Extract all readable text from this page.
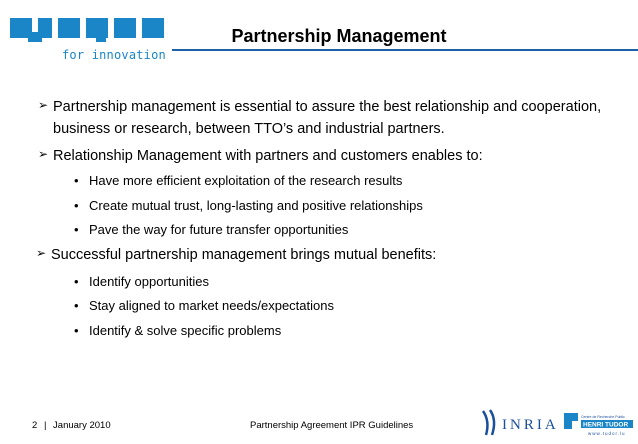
for innovation
Partnership Management

➢ Partnership management is essential to assure the best relationship and cooperation, business or research, between TTO’s and industrial partners.

➢ Relationship Management with partners and customers enables to:

• Have more efficient exploitation of the research results

• Create mutual trust, long-lasting and positive relationships

• Pave the way for future transfer opportunities

➢ Successful partnership management brings mutual benefits:

• Identify opportunities

• Stay aligned to market needs/expectations

• Identify & solve specific problems

2 | January 2010	Partnership Agreement IPR Guidelines	INRIA	Centre de Recherche Public
HENRI TUDOR
www.tudor.lu
